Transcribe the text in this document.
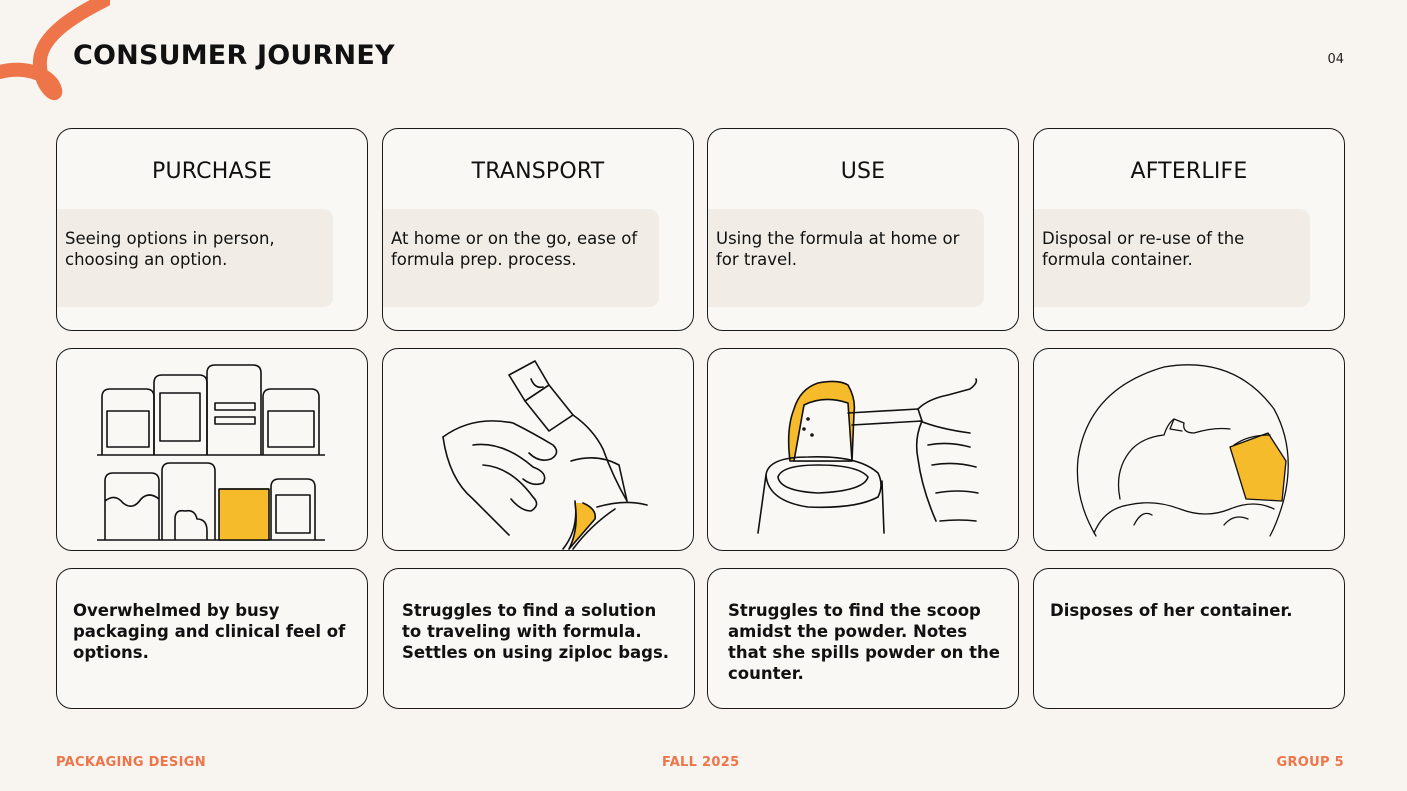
CONSUMER JOURNEY	04
PURCHASE
Seeing options in person, choosing an option.
TRANSPORT
At home or on the go, ease of formula prep. process.
USE
Using the formula at home or for travel.
AFTERLIFE
Disposal or re-use of the formula container.
Overwhelmed by busy packaging and clinical feel of options.
Struggles to find a solution to traveling with formula. Settles on using ziploc bags.
Struggles to find the scoop amidst the powder. Notes that she spills powder on the counter.
Disposes of her container.
PACKAGING DESIGN	FALL 2025	GROUP 5
